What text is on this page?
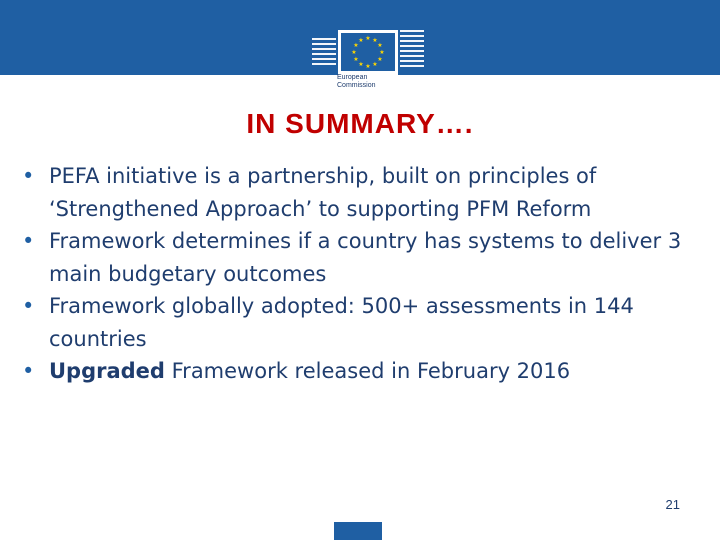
★ ★
★
★
★
★
★
★
★
★
★
★
European
Commission
IN SUMMARY….
• PEFA initiative is a partnership, built on principles of ‘Strengthened Approach’ to supporting PFM Reform
• Framework determines if a country has systems to deliver 3 main budgetary outcomes
• Framework globally adopted: 500+ assessments in 144 countries
• Upgraded Framework released in February 2016
21
